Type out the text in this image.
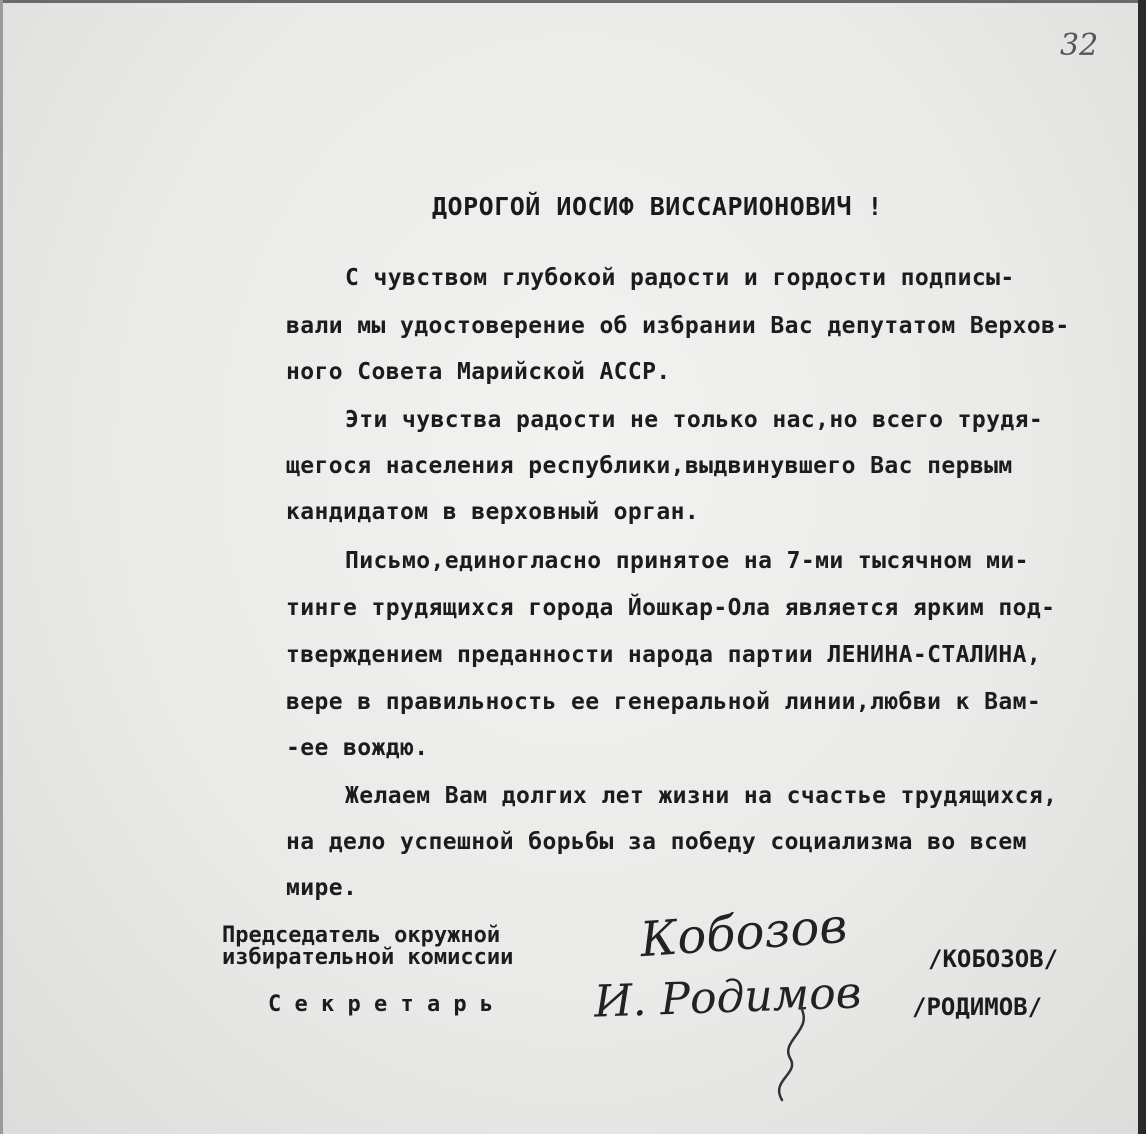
32
ДОРОГОЙ ИОСИФ ВИССАРИОНОВИЧ !
С чувством глубокой радости и гордости подписы-
вали мы удостоверение об избрании Вас депутатом Верхов-
ного Совета Марийской АССР.
Эти чувства радости не только нас,но всего трудя-
щегося населения республики,выдвинувшего Вас первым
кандидатом в верховный орган.
Письмо,единогласно принятое на 7-ми тысячном ми-
тинге трудящихся города Йошкар-Ола является ярким под-
тверждением преданности народа партии ЛЕНИНА-СТАЛИНА,
вере в правильность ее генеральной линии,любви к Вам-
-ее вождю.
Желаем Вам долгих лет жизни на счастье трудящихся,
на дело успешной борьбы за победу социализма во всем
мире.
Председатель окружной
избирательной комиссии	Кобозов	/КОБОЗОВ/
С е к р е т а р ь И. Родимов /РОДИМОВ/
